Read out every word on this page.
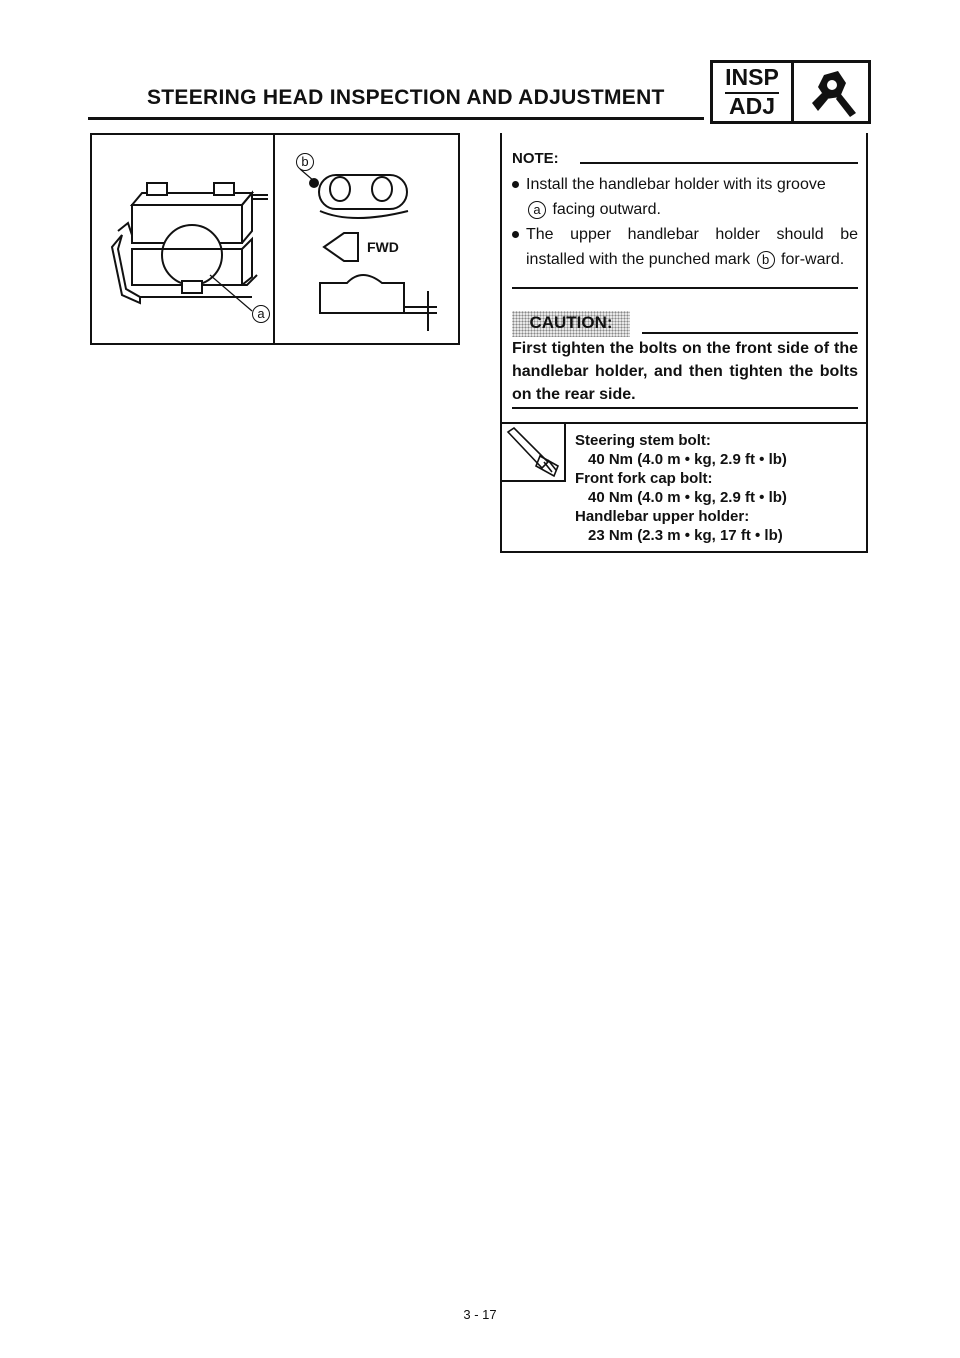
STEERING HEAD INSPECTION AND ADJUSTMENT
INSP
ADJ
a
b
FWD
NOTE:
Install the handlebar holder with its groove
a facing outward.
The upper handlebar holder should be installed with the punched mark b for-ward.
CAUTION:
First tighten the bolts on the front side of the handlebar holder, and then tighten the bolts on the rear side.
Steering stem bolt:
40 Nm (4.0 m • kg, 2.9 ft • lb)
Front fork cap bolt:
40 Nm (4.0 m • kg, 2.9 ft • lb)
Handlebar upper holder:
23 Nm (2.3 m • kg, 17 ft • lb)
3 - 17
